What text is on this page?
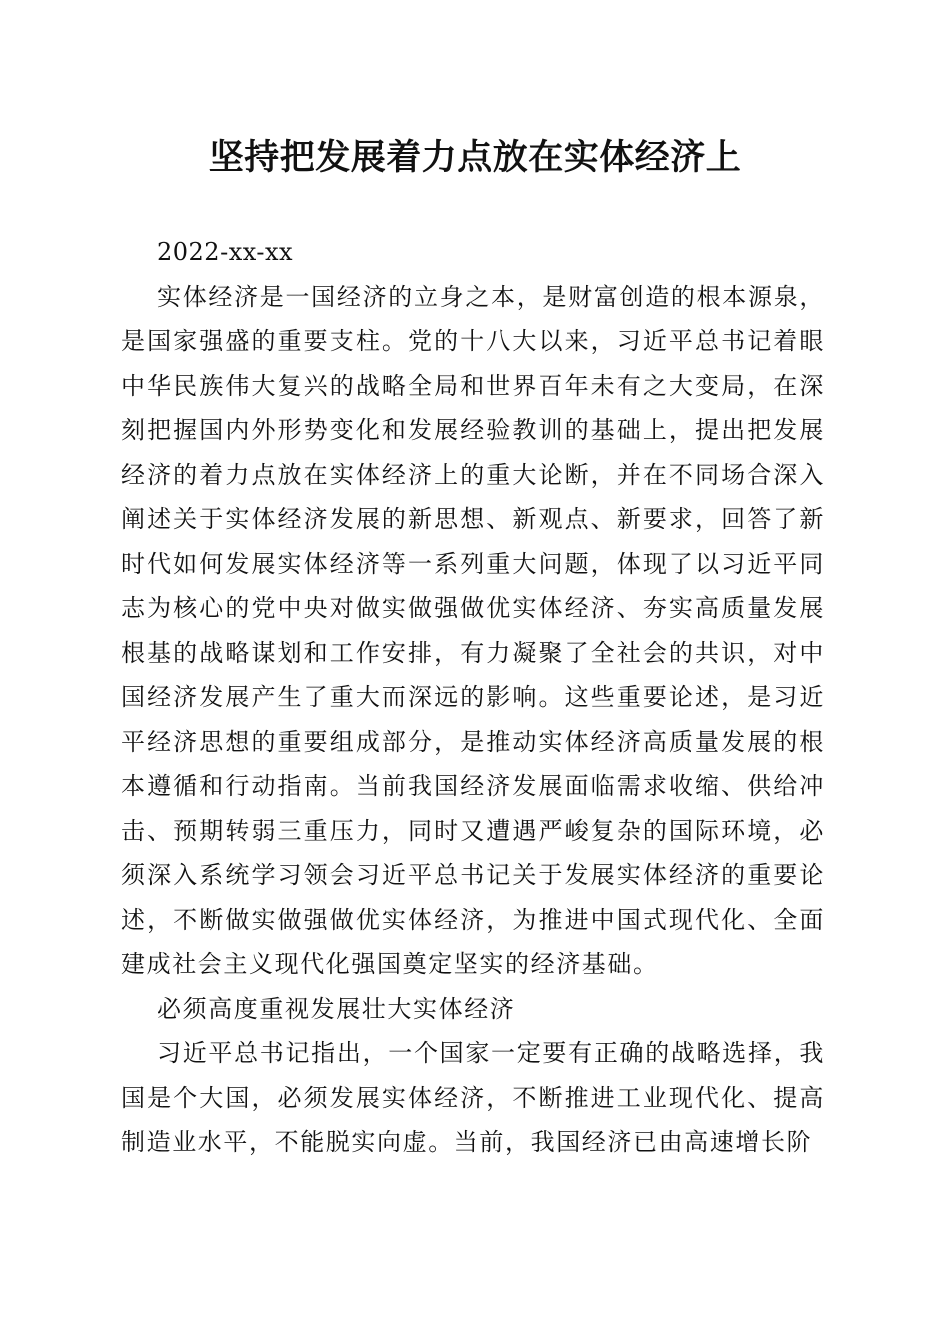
坚持把发展着力点放在实体经济上

2022-xx-xx

实体经济是一国经济的立身之本，是财富创造的根本源泉，是国家强盛的重要支柱。党的十八大以来，习近平总书记着眼中华民族伟大复兴的战略全局和世界百年未有之大变局，在深刻把握国内外形势变化和发展经验教训的基础上，提出把发展经济的着力点放在实体经济上的重大论断，并在不同场合深入阐述关于实体经济发展的新思想、新观点、新要求，回答了新时代如何发展实体经济等一系列重大问题，体现了以习近平同志为核心的党中央对做实做强做优实体经济、夯实高质量发展根基的战略谋划和工作安排，有力凝聚了全社会的共识，对中国经济发展产生了重大而深远的影响。这些重要论述，是习近平经济思想的重要组成部分，是推动实体经济高质量发展的根本遵循和行动指南。当前我国经济发展面临需求收缩、供给冲击、预期转弱三重压力，同时又遭遇严峻复杂的国际环境，必须深入系统学习领会习近平总书记关于发展实体经济的重要论述，不断做实做强做优实体经济，为推进中国式现代化、全面建成社会主义现代化强国奠定坚实的经济基础。

必须高度重视发展壮大实体经济

习近平总书记指出，一个国家一定要有正确的战略选择，我国是个大国，必须发展实体经济，不断推进工业现代化、提高制造业水平，不能脱实向虚。当前，我国经济已由高速增长阶
